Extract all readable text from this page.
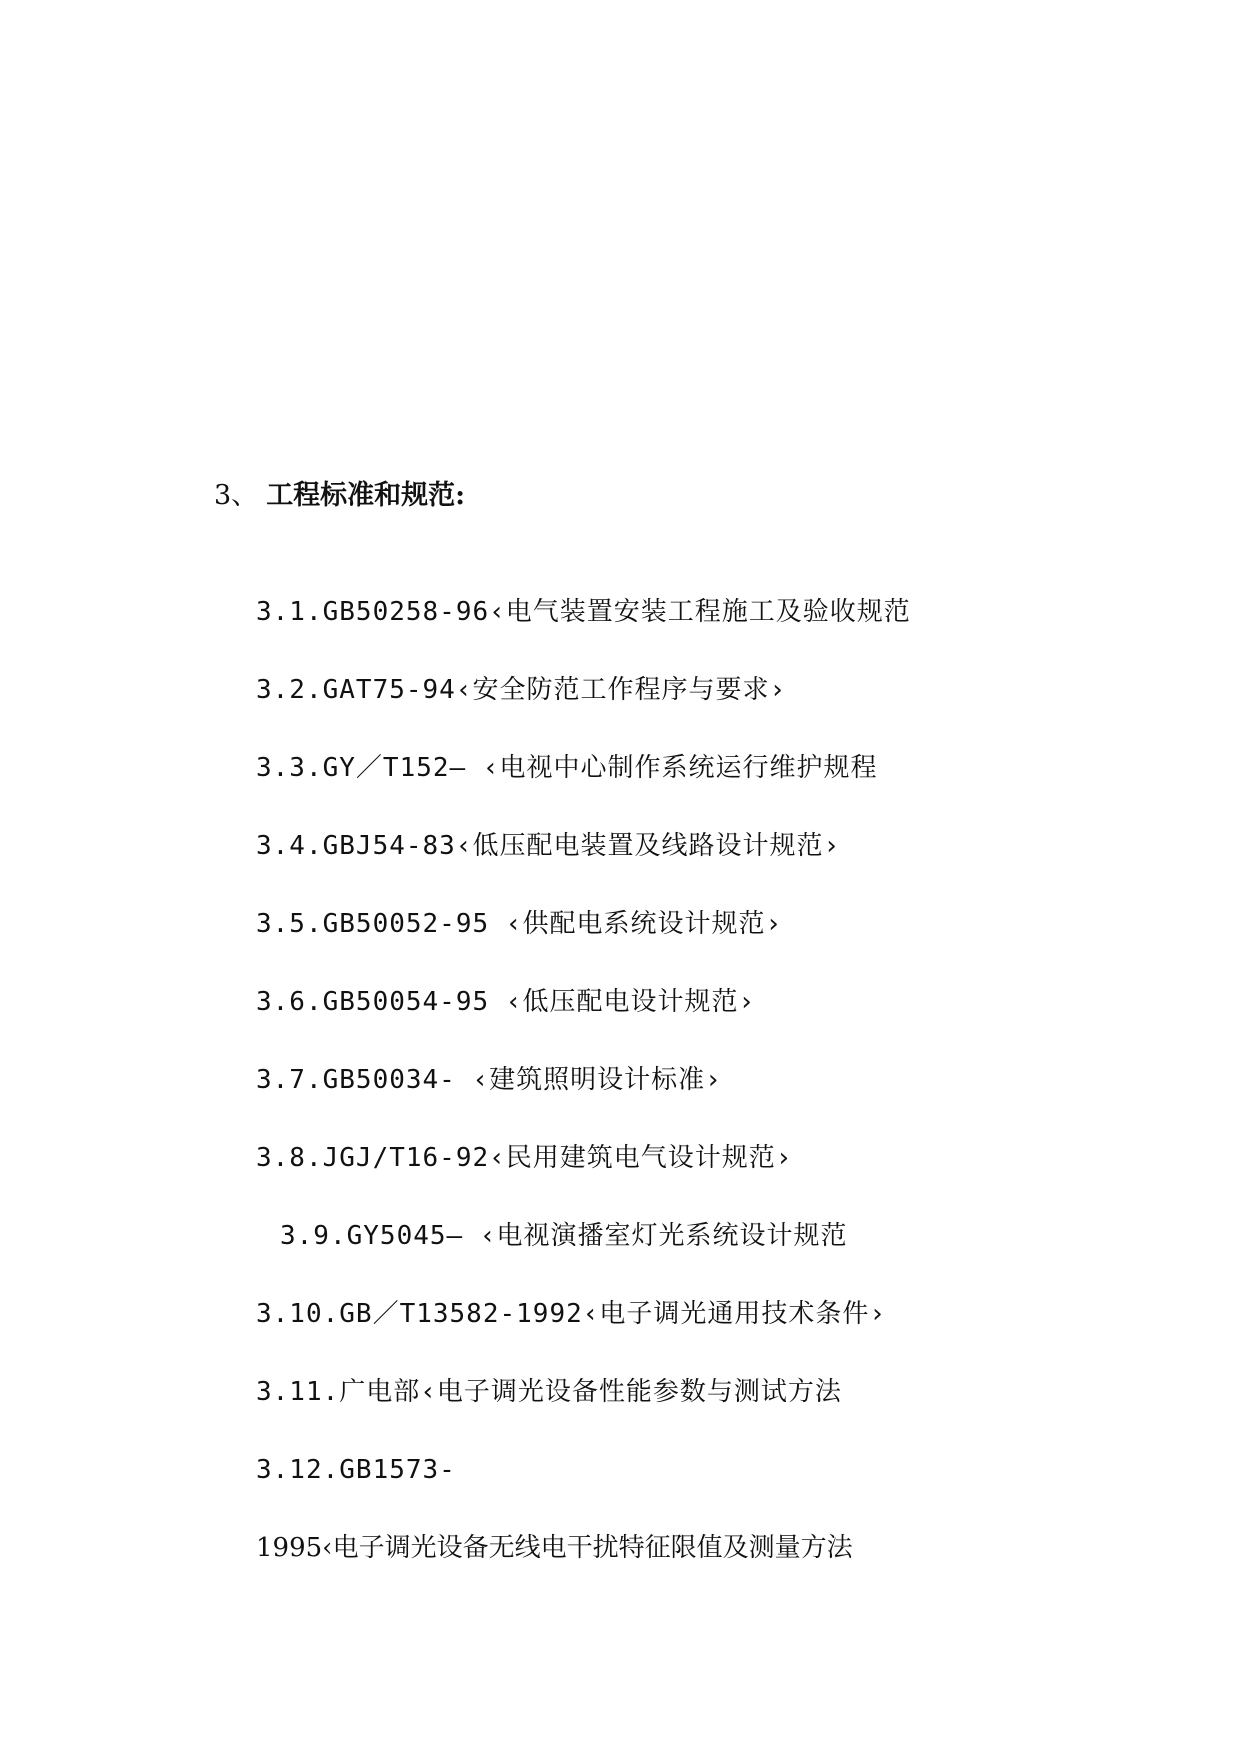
3、 工程标准和规范:
3.1.GB50258-96‹电气装置安装工程施工及验收规范
3.2.GAT75-94‹安全防范工作程序与要求›
3.3.GY／T152— ‹电视中心制作系统运行维护规程
3.4.GBJ54-83‹低压配电装置及线路设计规范›
3.5.GB50052-95 ‹供配电系统设计规范›
3.6.GB50054-95 ‹低压配电设计规范›
3.7.GB50034- ‹建筑照明设计标准›
3.8.JGJ/T16-92‹民用建筑电气设计规范›
3.9.GY5045— ‹电视演播室灯光系统设计规范
3.10.GB／T13582-1992‹电子调光通用技术条件›
3.11.广电部‹电子调光设备性能参数与测试方法
3.12.GB1573-
1995‹电子调光设备无线电干扰特征限值及测量方法
